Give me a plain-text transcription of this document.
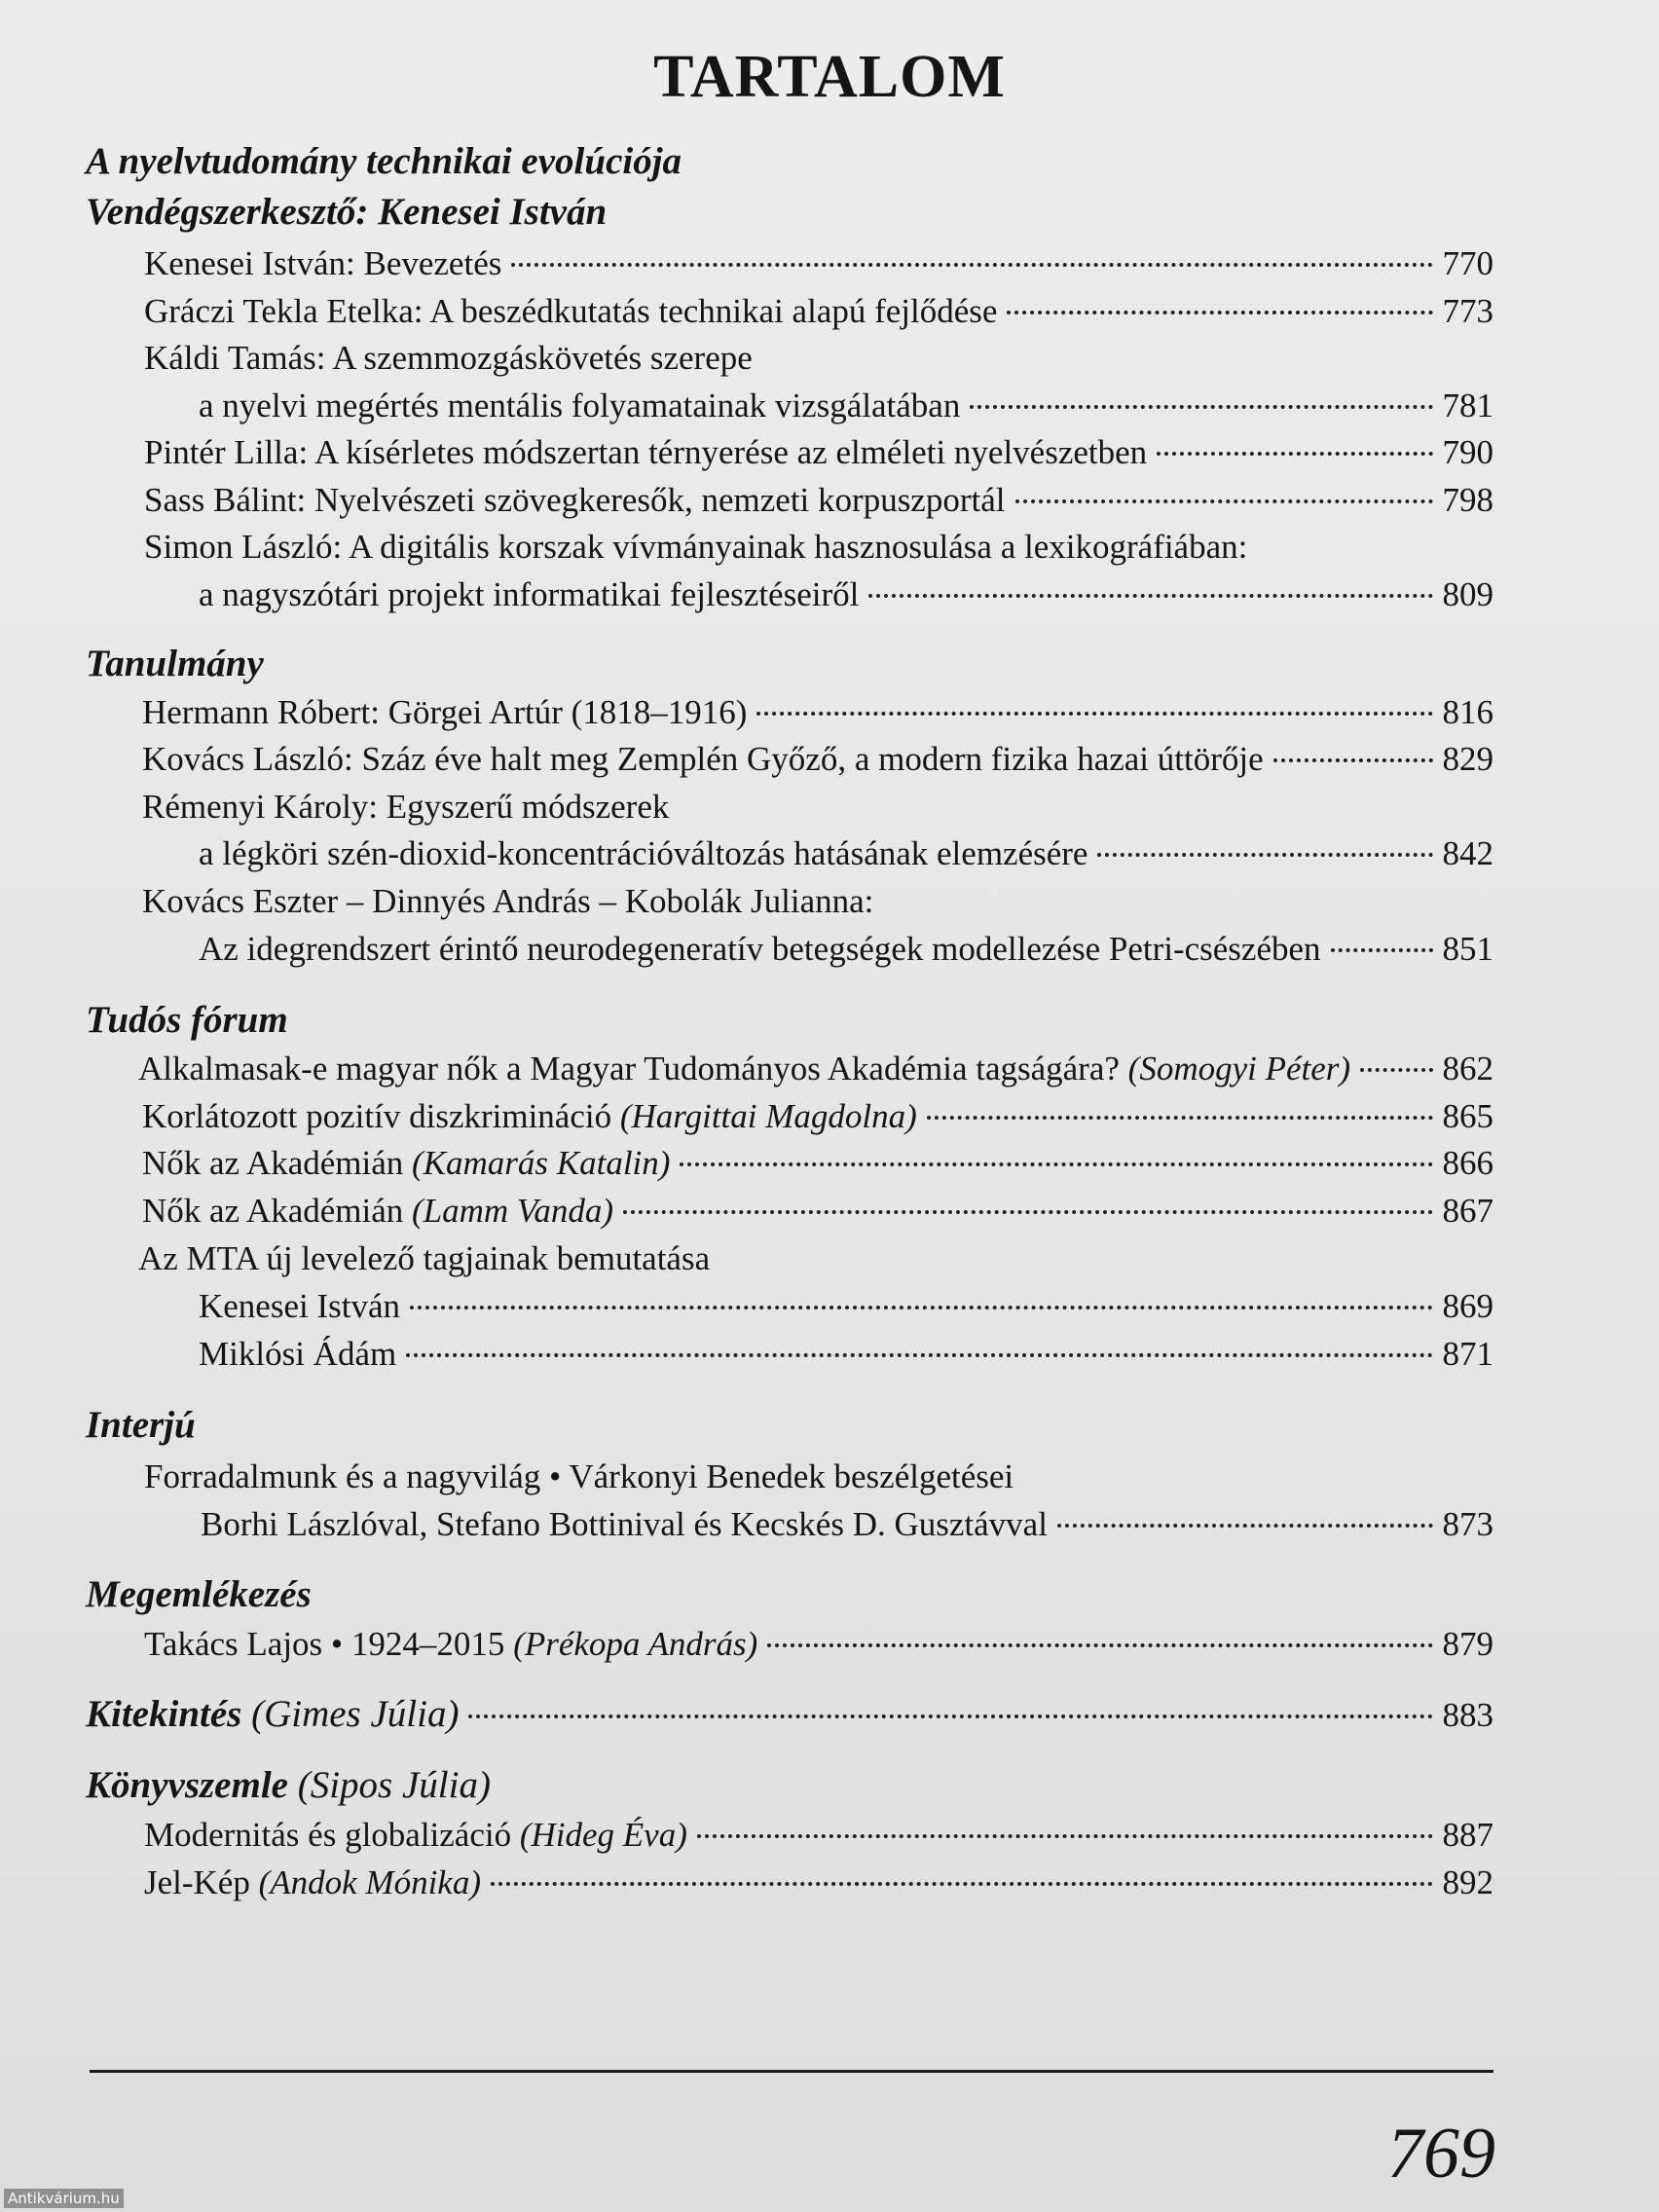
TARTALOM
A nyelvtudomány technikai evolúciója
Vendégszerkesztő: Kenesei István
Kenesei István: Bevezetés	770
Gráczi Tekla Etelka: A beszédkutatás technikai alapú fejlődése	773
Káldi Tamás: A szemmozgáskövetés szerepe
a nyelvi megértés mentális folyamatainak vizsgálatában	781
Pintér Lilla: A kísérletes módszertan térnyerése az elméleti nyelvészetben	790
Sass Bálint: Nyelvészeti szövegkeresők, nemzeti korpuszportál	798
Simon László: A digitális korszak vívmányainak hasznosulása a lexikográfiában:
a nagyszótári projekt informatikai fejlesztéseiről	809
Tanulmány
Hermann Róbert: Görgei Artúr (1818–1916)	816
Kovács László: Száz éve halt meg Zemplén Győző, a modern fizika hazai úttörője	829
Rémenyi Károly: Egyszerű módszerek
a légköri szén-dioxid-koncentrációváltozás hatásának elemzésére	842
Kovács Eszter – Dinnyés András – Kobolák Julianna:
Az idegrendszert érintő neurodegeneratív betegségek modellezése Petri-csészében	851
Tudós fórum
Alkalmasak-e magyar nők a Magyar Tudományos Akadémia tagságára? (Somogyi Péter)	862
Korlátozott pozitív diszkrimináció (Hargittai Magdolna)	865
Nők az Akadémián (Kamarás Katalin)	866
Nők az Akadémián (Lamm Vanda)	867
Az MTA új levelező tagjainak bemutatása
Kenesei István	869
Miklósi Ádám	871
Interjú
Forradalmunk és a nagyvilág • Várkonyi Benedek beszélgetései
Borhi Lászlóval, Stefano Bottinival és Kecskés D. Gusztávval	873
Megemlékezés
Takács Lajos • 1924–2015 (Prékopa András)	879
Kitekintés (Gimes Júlia)	883
Könyvszemle (Sipos Júlia)
Modernitás és globalizáció (Hideg Éva)	887
Jel-Kép (Andok Mónika)	892
769
Antikvárium.hu
